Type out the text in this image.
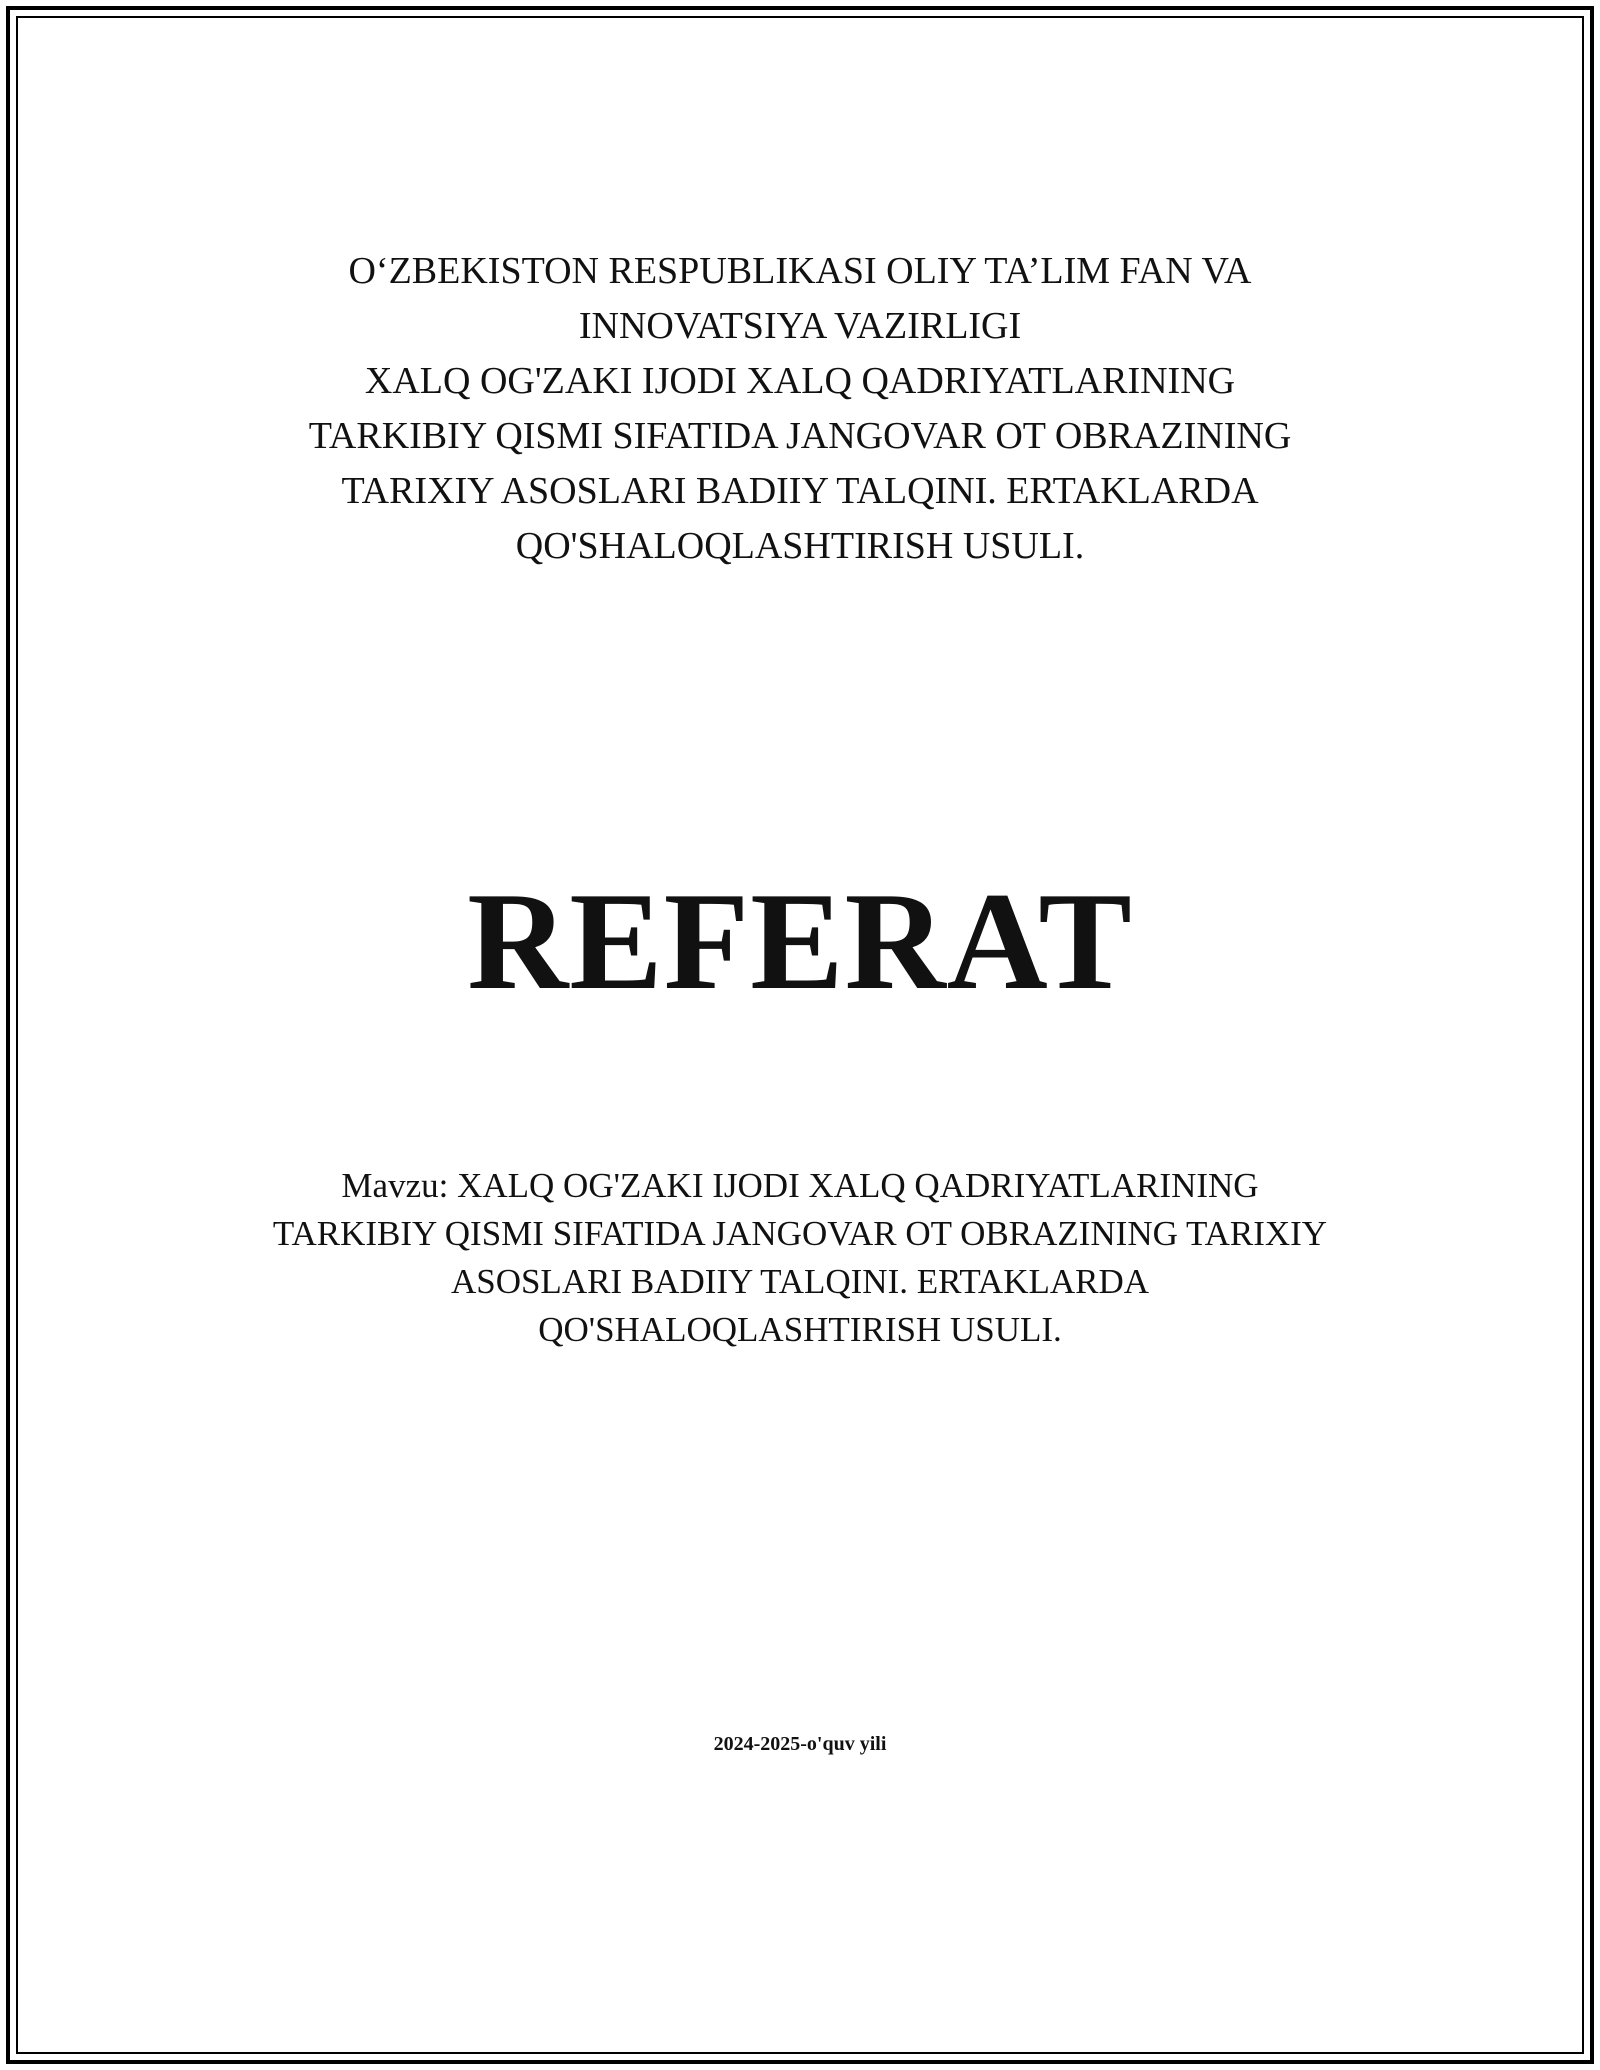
O‘ZBEKISTON RESPUBLIKASI OLIY TA’LIM FAN VA
INNOVATSIYA VAZIRLIGI
XALQ OG'ZAKI IJODI XALQ QADRIYATLARINING
TARKIBIY QISMI SIFATIDA JANGOVAR OT OBRAZINING
TARIXIY ASOSLARI BADIIY TALQINI. ERTAKLARDA
QO'SHALOQLASHTIRISH USULI.
REFERAT
Mavzu: XALQ OG'ZAKI IJODI XALQ QADRIYATLARINING
TARKIBIY QISMI SIFATIDA JANGOVAR OT OBRAZINING TARIXIY
ASOSLARI BADIIY TALQINI. ERTAKLARDA
QO'SHALOQLASHTIRISH USULI.
2024-2025-o'quv yili
